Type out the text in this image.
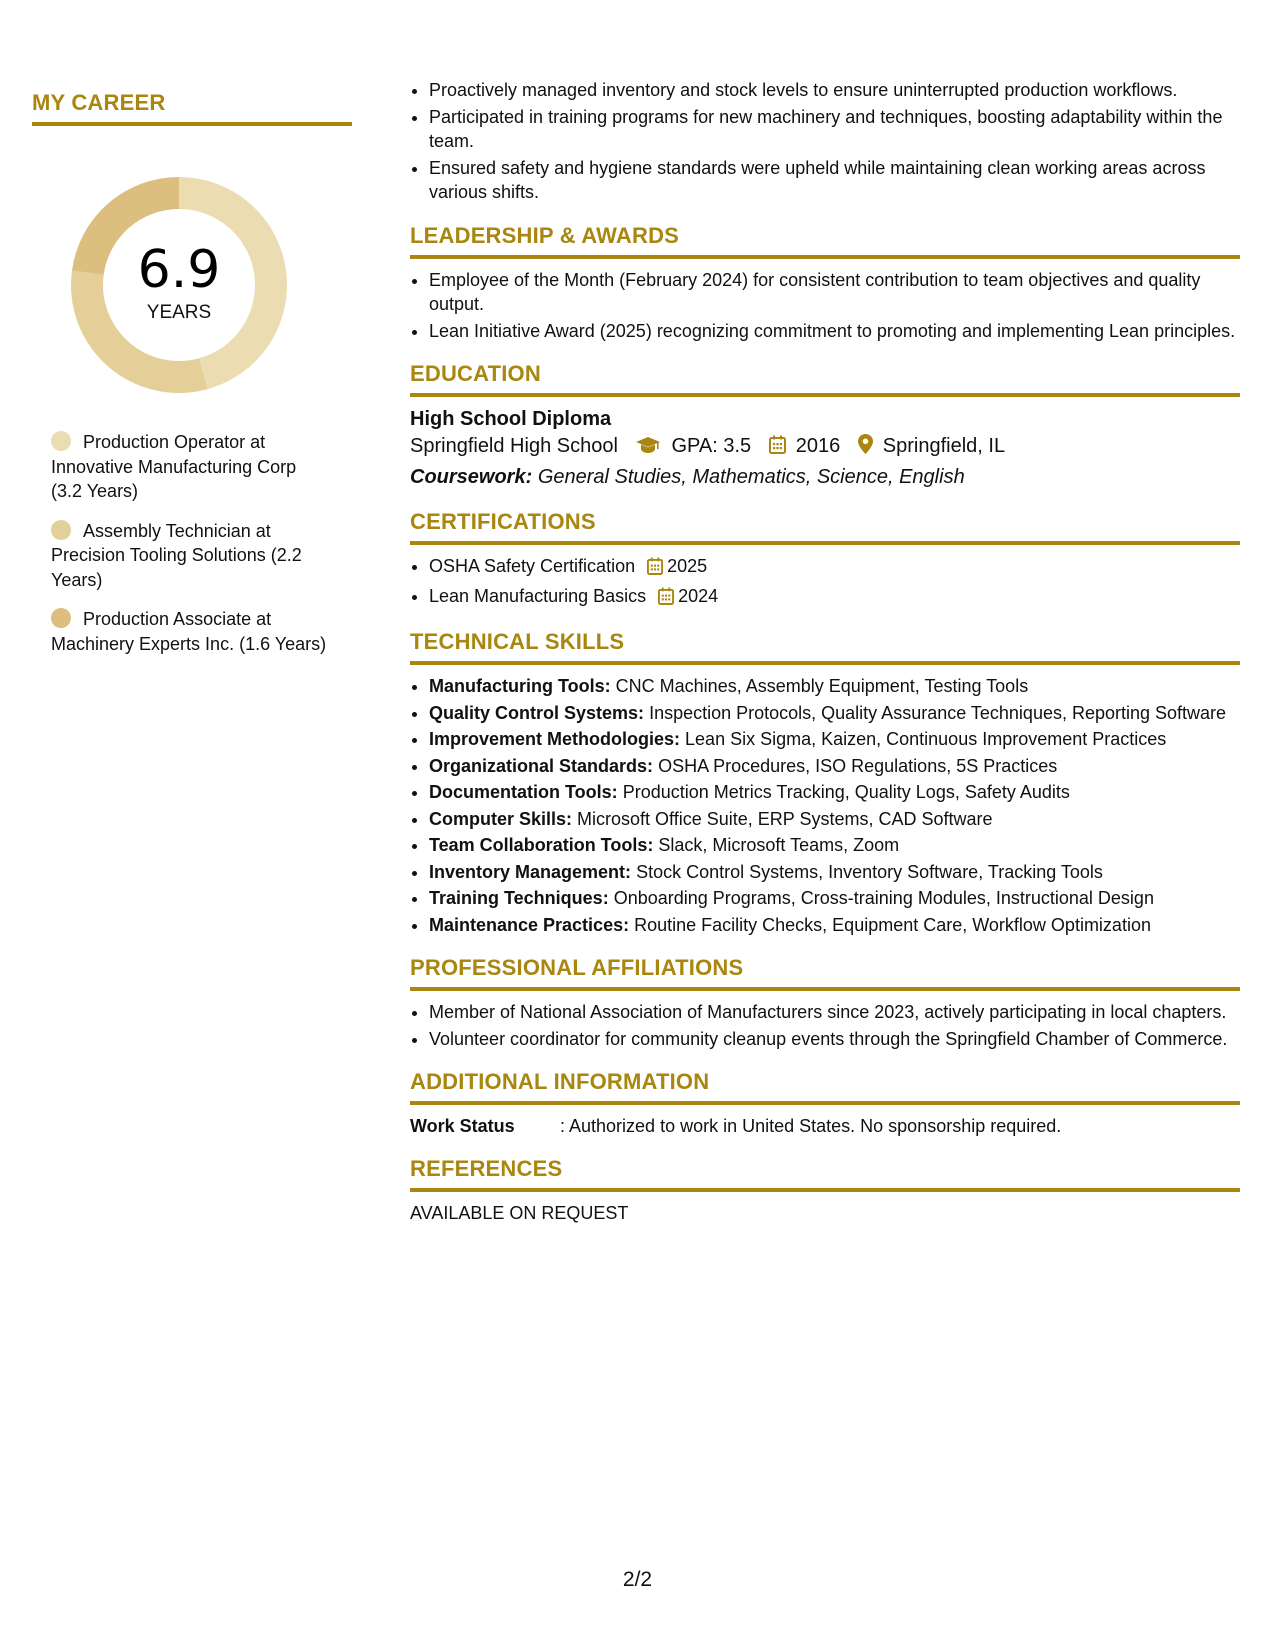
MY CAREER
6.9
YEARS
Production Operator at Innovative Manufacturing Corp (3.2 Years)
Assembly Technician at Precision Tooling Solutions (2.2 Years)
Production Associate at Machinery Experts Inc. (1.6 Years)
• Proactively managed inventory and stock levels to ensure uninterrupted production workflows.
• Participated in training programs for new machinery and techniques, boosting adaptability within the team.
• Ensured safety and hygiene standards were upheld while maintaining clean working areas across various shifts.
LEADERSHIP & AWARDS
• Employee of the Month (February 2024) for consistent contribution to team objectives and quality output.
• Lean Initiative Award (2025) recognizing commitment to promoting and implementing Lean principles.
EDUCATION
High School Diploma
Springfield High School	GPA: 3.5 2016 Springfield, IL
Coursework: General Studies, Mathematics, Science, English
CERTIFICATIONS
• OSHA Safety Certification 2025
• Lean Manufacturing Basics 2024
TECHNICAL SKILLS
• Manufacturing Tools: CNC Machines, Assembly Equipment, Testing Tools
• Quality Control Systems: Inspection Protocols, Quality Assurance Techniques, Reporting Software
• Improvement Methodologies: Lean Six Sigma, Kaizen, Continuous Improvement Practices
• Organizational Standards: OSHA Procedures, ISO Regulations, 5S Practices
• Documentation Tools: Production Metrics Tracking, Quality Logs, Safety Audits
• Computer Skills: Microsoft Office Suite, ERP Systems, CAD Software
• Team Collaboration Tools: Slack, Microsoft Teams, Zoom
• Inventory Management: Stock Control Systems, Inventory Software, Tracking Tools
• Training Techniques: Onboarding Programs, Cross-training Modules, Instructional Design
• Maintenance Practices: Routine Facility Checks, Equipment Care, Workflow Optimization
PROFESSIONAL AFFILIATIONS
• Member of National Association of Manufacturers since 2023, actively participating in local chapters.
• Volunteer coordinator for community cleanup events through the Springfield Chamber of Commerce.
ADDITIONAL INFORMATION
Work Status	: Authorized to work in United States. No sponsorship required.
REFERENCES
AVAILABLE ON REQUEST
2/2
